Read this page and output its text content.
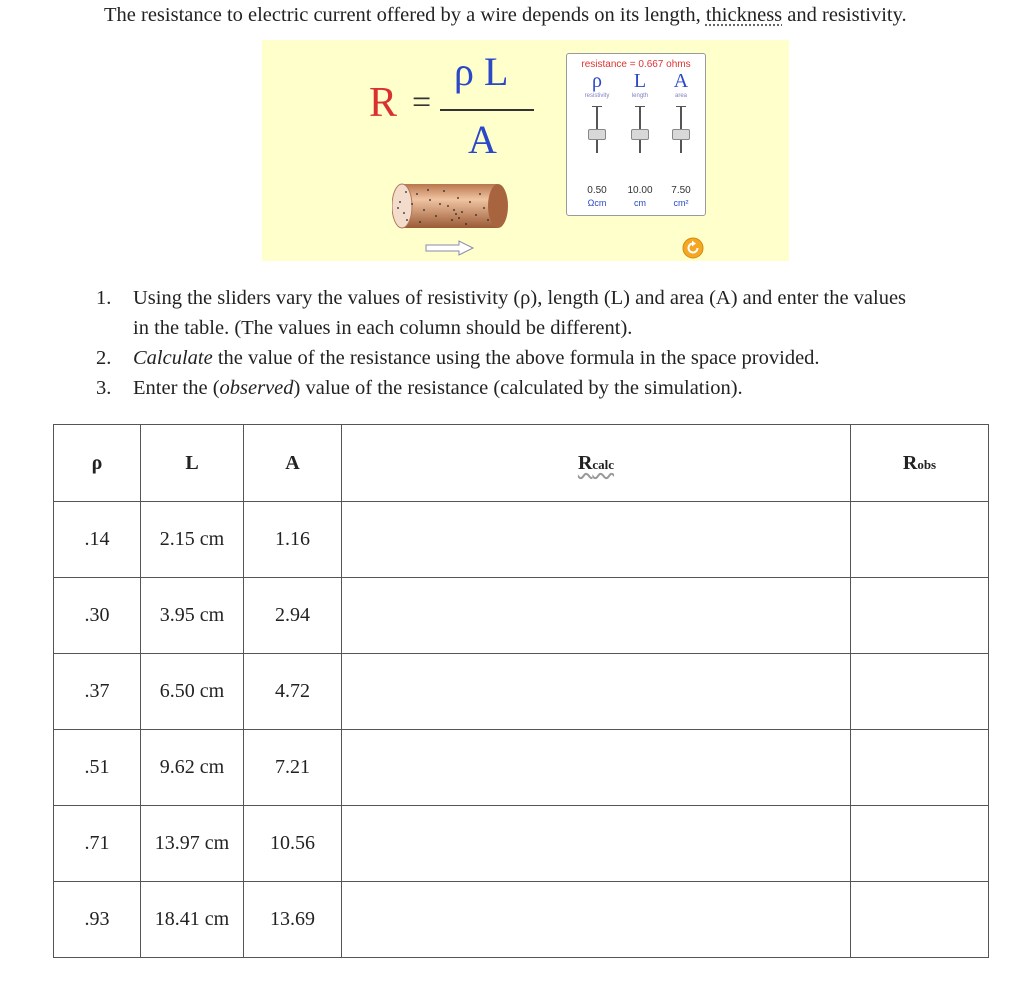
The resistance to electric current offered by a wire depends on its length, thickness and resistivity.
R =
ρ L
A
resistance = 0.667 ohms
ρ
resistivity
0.50
Ωcm
L
length
10.00
cm
A
area
7.50
cm²
1. Using the sliders vary the values of resistivity (ρ), length (L) and area (A) and enter the values
in the table. (The values in each column should be different).
2. Calculate the value of the resistance using the above formula in the space provided.
3. Enter the (observed) value of the resistance (calculated by the simulation).
ρ	L	A	Rcalc	Robs
.14	2.15 cm	1.16		
.30	3.95 cm	2.94		
.37	6.50 cm	4.72		
.51	9.62 cm	7.21		
.71	13.97 cm	10.56		
.93	18.41 cm	13.69		
